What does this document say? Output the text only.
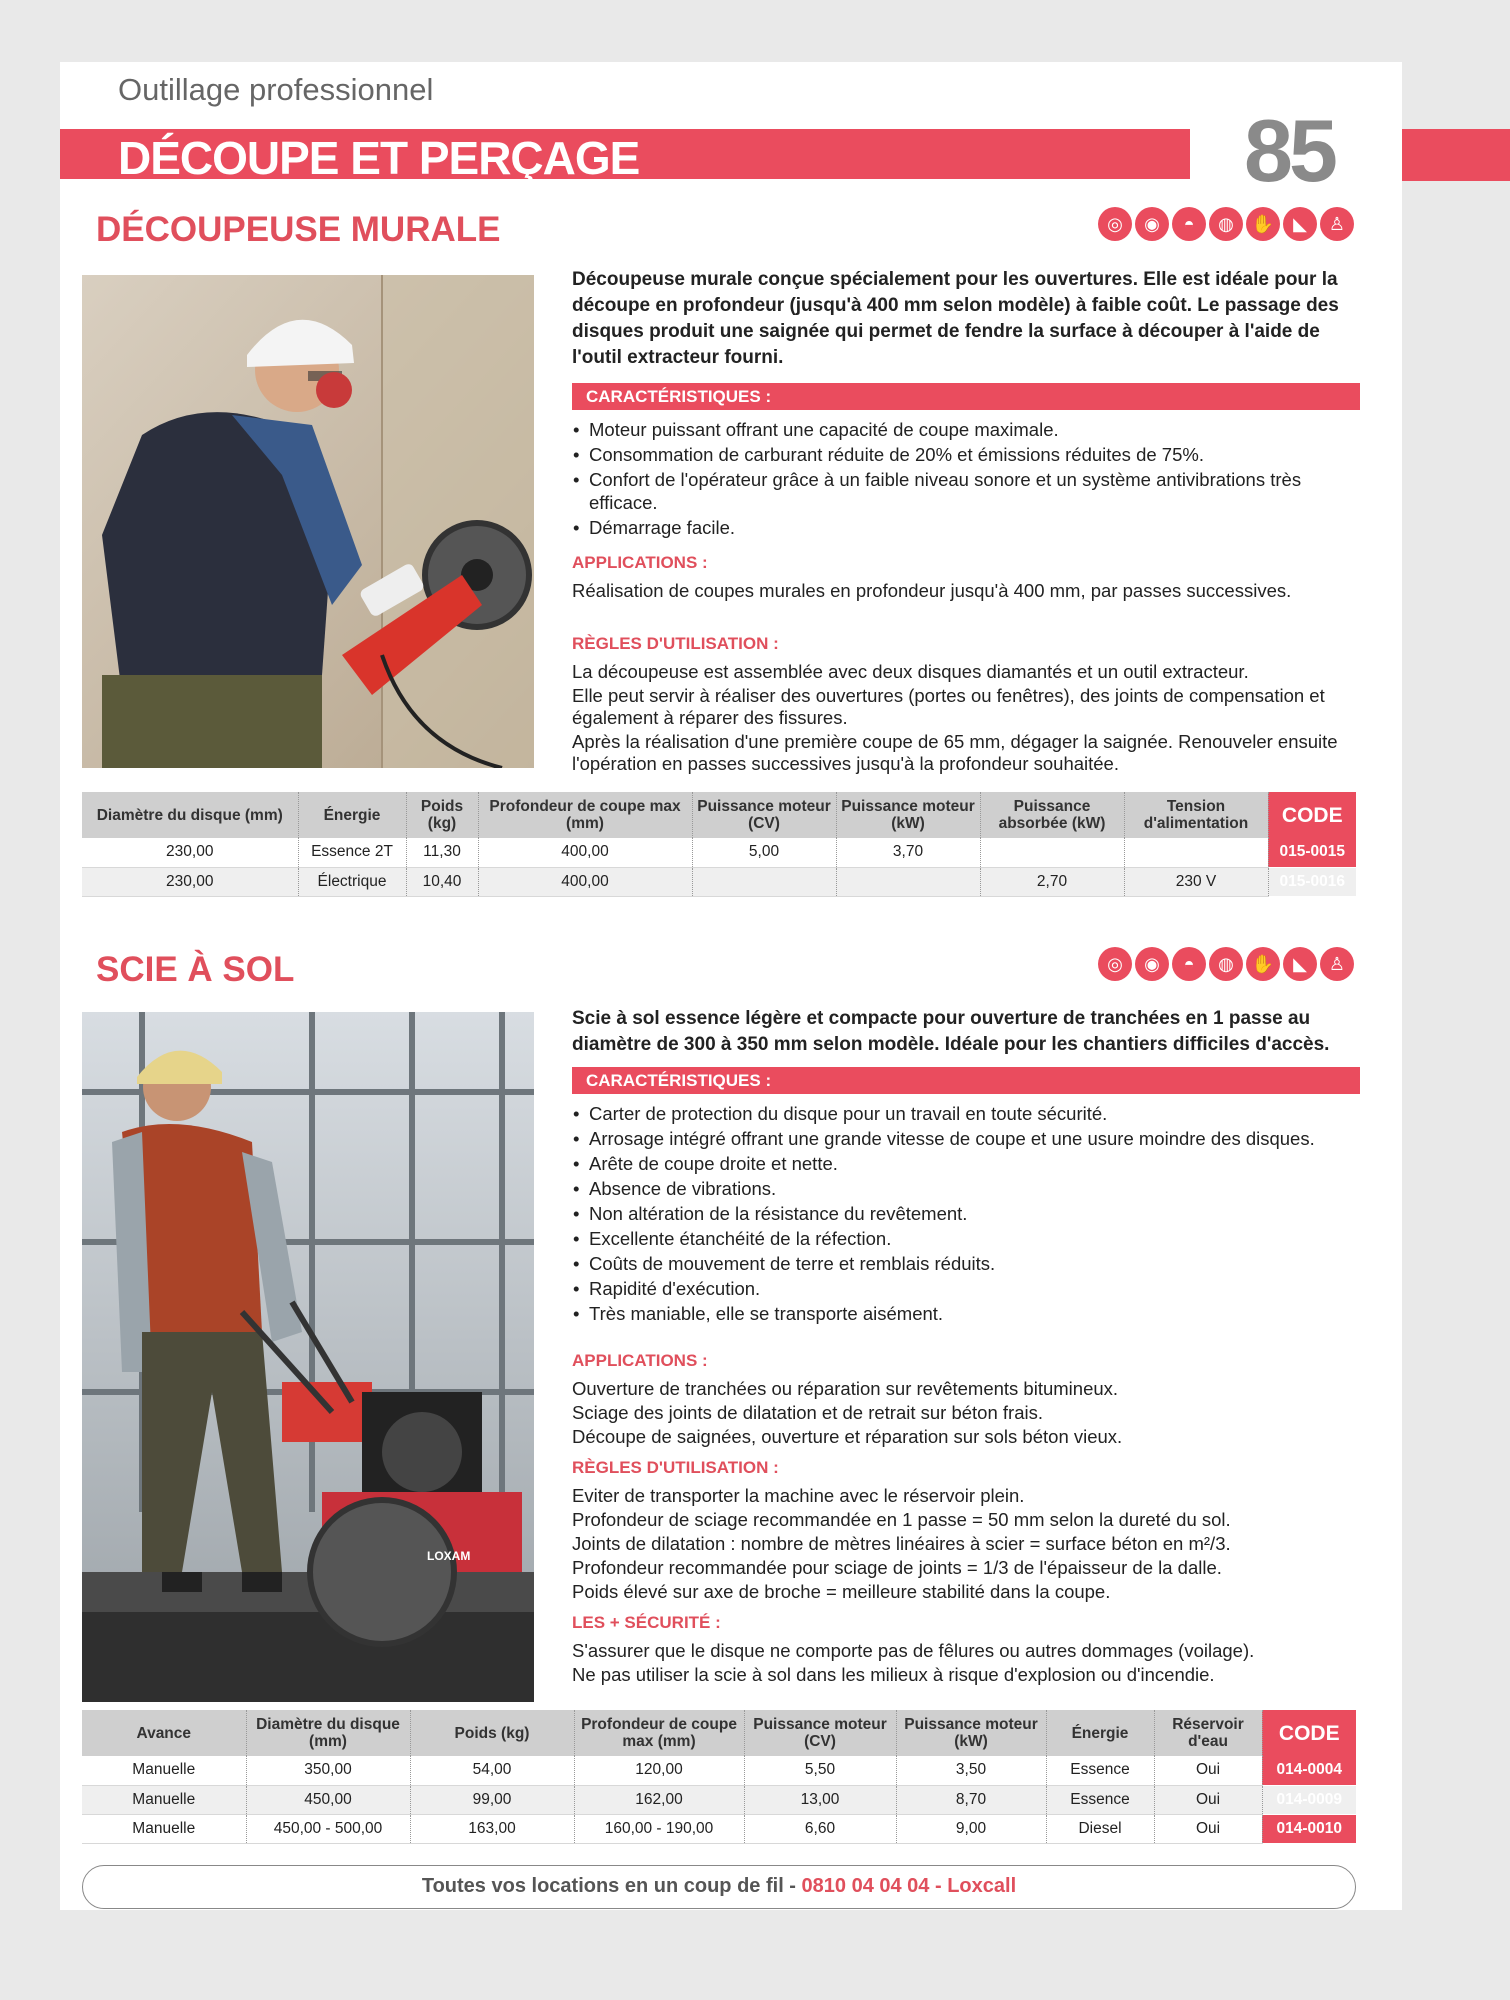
Outillage professionnel
DÉCOUPE ET PERÇAGE	85
DÉCOUPEUSE MURALE	◎	◉	◓	◍ ✋	◣	♙
Découpeuse murale conçue spécialement pour les ouvertures. Elle est idéale pour la découpe en profondeur (jusqu'à 400 mm selon modèle) à faible coût. Le passage des disques produit une saignée qui permet de fendre la surface à découper à l'aide de l'outil extracteur fourni.
CARACTÉRISTIQUES :
• Moteur puissant offrant une capacité de coupe maximale.
• Consommation de carburant réduite de 20% et émissions réduites de 75%.
• Confort de l'opérateur grâce à un faible niveau sonore et un système antivibrations très efficace.
• Démarrage facile.
APPLICATIONS :

Réalisation de coupes murales en profondeur jusqu'à 400 mm, par passes successives.

RÈGLES D'UTILISATION :

La découpeuse est assemblée avec deux disques diamantés et un outil extracteur.

Elle peut servir à réaliser des ouvertures (portes ou fenêtres), des joints de compensation et également à réparer des fissures.

Après la réalisation d'une première coupe de 65 mm, dégager la saignée. Renouveler ensuite l'opération en passes successives jusqu'à la profondeur souhaitée.

Diamètre du disque (mm)	Énergie	Poids (kg)	Profondeur de coupe max (mm)	Puissance moteur (CV)	Puissance moteur (kW)	Puissance absorbée (kW)	Tension d'alimentation	CODE
230,00	Essence 2T	11,30	400,00	5,00	3,70			015-0015
230,00	Électrique	10,40	400,00			2,70	230 V	015-0016
SCIE À SOL	◎	◉	◓	◍ ✋	◣	♙
LOXAM
Scie à sol essence légère et compacte pour ouverture de tranchées en 1 passe au diamètre de 300 à 350 mm selon modèle. Idéale pour les chantiers difficiles d'accès.
CARACTÉRISTIQUES :
• Carter de protection du disque pour un travail en toute sécurité.
• Arrosage intégré offrant une grande vitesse de coupe et une usure moindre des disques.
• Arête de coupe droite et nette.
• Absence de vibrations.
• Non altération de la résistance du revêtement.
• Excellente étanchéité de la réfection.
• Coûts de mouvement de terre et remblais réduits.
• Rapidité d'exécution.
• Très maniable, elle se transporte aisément.
APPLICATIONS :

Ouverture de tranchées ou réparation sur revêtements bitumineux.

Sciage des joints de dilatation et de retrait sur béton frais.

Découpe de saignées, ouverture et réparation sur sols béton vieux.

RÈGLES D'UTILISATION :

Eviter de transporter la machine avec le réservoir plein.

Profondeur de sciage recommandée en 1 passe = 50 mm selon la dureté du sol.

Joints de dilatation : nombre de mètres linéaires à scier = surface béton en m²/3.

Profondeur recommandée pour sciage de joints = 1/3 de l'épaisseur de la dalle.

Poids élevé sur axe de broche = meilleure stabilité dans la coupe.

LES + SÉCURITÉ :

S'assurer que le disque ne comporte pas de fêlures ou autres dommages (voilage).

Ne pas utiliser la scie à sol dans les milieux à risque d'explosion ou d'incendie.

Avance	Diamètre du disque (mm)	Poids (kg)	Profondeur de coupe max (mm)	Puissance moteur (CV)	Puissance moteur (kW)	Énergie	Réservoir d'eau	CODE
Manuelle	350,00	54,00	120,00	5,50	3,50	Essence	Oui	014-0004
Manuelle	450,00	99,00	162,00	13,00	8,70	Essence	Oui	014-0009
Manuelle	450,00 - 500,00	163,00	160,00 - 190,00	6,60	9,00	Diesel	Oui	014-0010
Toutes vos locations en un coup de fil - 0810 04 04 04 - Loxcall
